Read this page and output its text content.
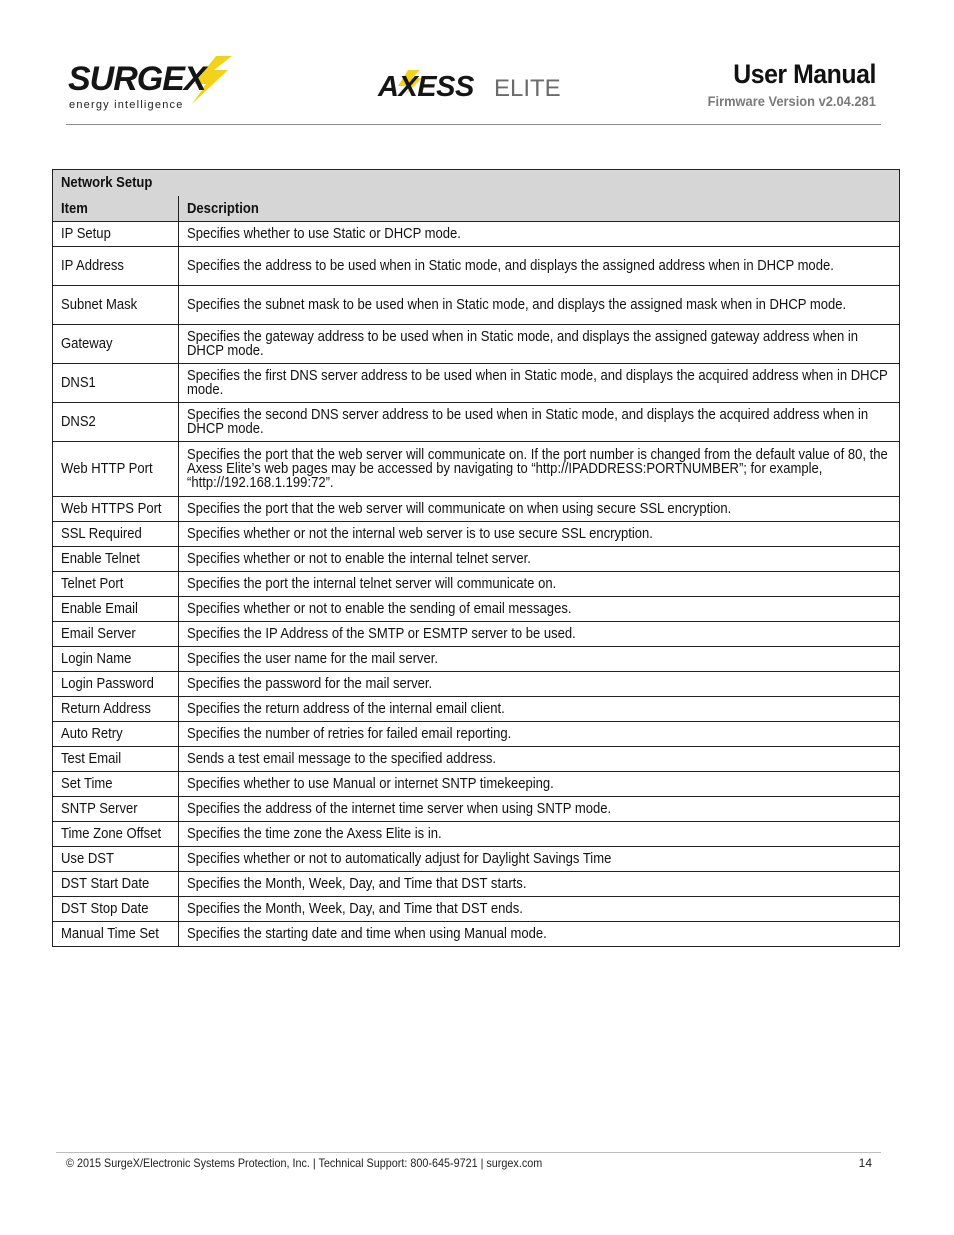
SURGEX
energy intelligence
AXESS ELITE	User Manual
Firmware Version v2.04.281
Network Setup	
Item	Description
IP Setup	Specifies whether to use Static or DHCP mode.
IP Address	Specifies the address to be used when in Static mode, and displays the assigned address when in DHCP mode.

Subnet Mask	Specifies the subnet mask to be used when in Static mode, and displays the assigned mask when in DHCP mode.

Gateway	Specifies the gateway address to be used when in Static mode, and displays the assigned gateway address when in DHCP mode.

DNS1	Specifies the first DNS server address to be used when in Static mode, and displays the acquired address when in DHCP mode.

DNS2	Specifies the second DNS server address to be used when in Static mode, and displays the acquired address when in DHCP mode.

Web HTTP Port	Specifies the port that the web server will communicate on. If the port number is changed from the default value of 80, the Axess Elite’s web pages may be accessed by navigating to “http://IPADDRESS:PORTNUMBER”; for example, “http://192.168.1.199:72”.

Web HTTPS Port	Specifies the port that the web server will communicate on when using secure SSL encryption.
SSL Required	Specifies whether or not the internal web server is to use secure SSL encryption.
Enable Telnet	Specifies whether or not to enable the internal telnet server.
Telnet Port	Specifies the port the internal telnet server will communicate on.
Enable Email	Specifies whether or not to enable the sending of email messages.
Email Server	Specifies the IP Address of the SMTP or ESMTP server to be used.
Login Name	Specifies the user name for the mail server.
Login Password	Specifies the password for the mail server.
Return Address	Specifies the return address of the internal email client.
Auto Retry	Specifies the number of retries for failed email reporting.
Test Email	Sends a test email message to the specified address.
Set Time	Specifies whether to use Manual or internet SNTP timekeeping.
SNTP Server	Specifies the address of the internet time server when using SNTP mode.
Time Zone Offset	Specifies the time zone the Axess Elite is in.
Use DST	Specifies whether or not to automatically adjust for Daylight Savings Time
DST Start Date	Specifies the Month, Week, Day, and Time that DST starts.
DST Stop Date	Specifies the Month, Week, Day, and Time that DST ends.
Manual Time Set	Specifies the starting date and time when using Manual mode.
© 2015 SurgeX/Electronic Systems Protection, Inc. | Technical Support: 800-645-9721 | surgex.com	14
